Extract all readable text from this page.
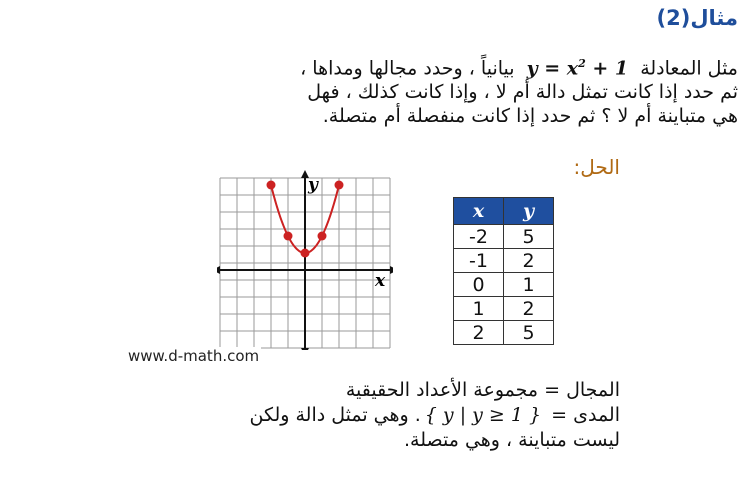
مثال(2)
مثل المعادلة $y = x^2 + 1$ بيانياً ، وحدد مجالها ومداها ،
ثم حدد إذا كانت تمثل دالة أم لا ، وإذا كانت كذلك ، فهل
هي متباينة أم لا ؟ ثم حدد إذا كانت منفصلة أم متصلة.
الحل:
y
x
www.d-math.com
x	y
-2	5
-1	2
0	1
1	2
2	5
المجال = مجموعة الأعداد الحقيقية
المدى = { y | y ≥ 1 }. وهي تمثل دالة ولكن
ليست متباينة ، وهي متصلة.
